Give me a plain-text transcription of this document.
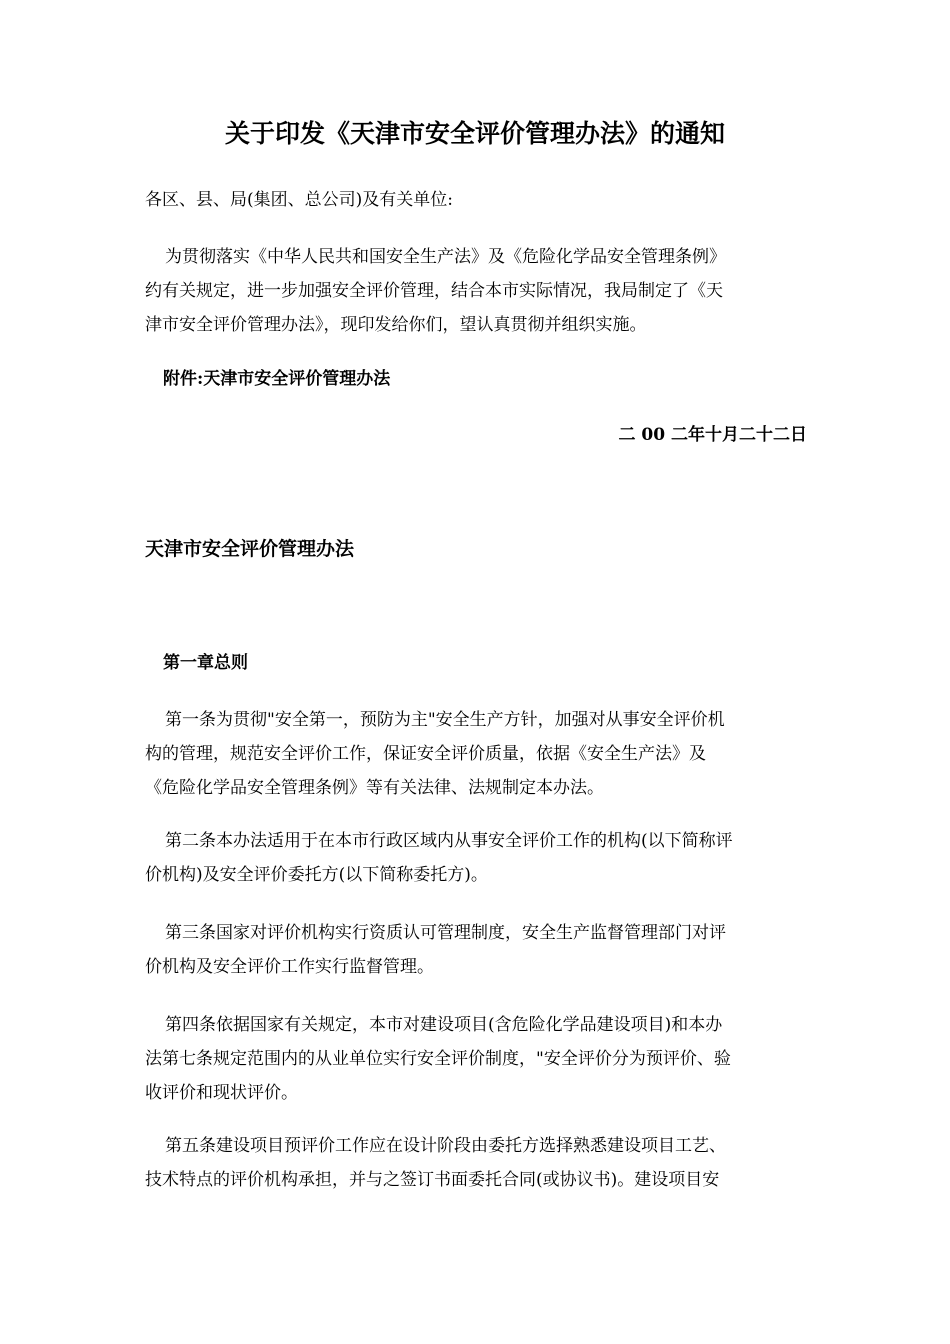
关于印发《天津市安全评价管理办法》的通知

各区、县、局(集团、总公司)及有关单位:

为贯彻落实《中华人民共和国安全生产法》及《危险化学品安全管理条例》
约有关规定，进一步加强安全评价管理，结合本市实际情况，我局制定了《天
津市安全评价管理办法》，现印发给你们，望认真贯彻并组织实施。

附件:天津市安全评价管理办法

二 00 二年十月二十二日

天津市安全评价管理办法

第一章总则

第一条为贯彻"安全第一，预防为主"安全生产方针，加强对从事安全评价机
构的管理，规范安全评价工作，保证安全评价质量，依据《安全生产法》及
《危险化学品安全管理条例》等有关法律、法规制定本办法。
第二条本办法适用于在本市行政区域内从事安全评价工作的机构(以下简称评
价机构)及安全评价委托方(以下简称委托方)。
第三条国家对评价机构实行资质认可管理制度，安全生产监督管理部门对评
价机构及安全评价工作实行监督管理。
第四条依据国家有关规定，本市对建设项目(含危险化学品建设项目)和本办
法第七条规定范围内的从业单位实行安全评价制度，"安全评价分为预评价、验
收评价和现状评价。
第五条建设项目预评价工作应在设计阶段由委托方选择熟悉建设项目工艺、
技术特点的评价机构承担，并与之签订书面委托合同(或协议书)。建设项目安
